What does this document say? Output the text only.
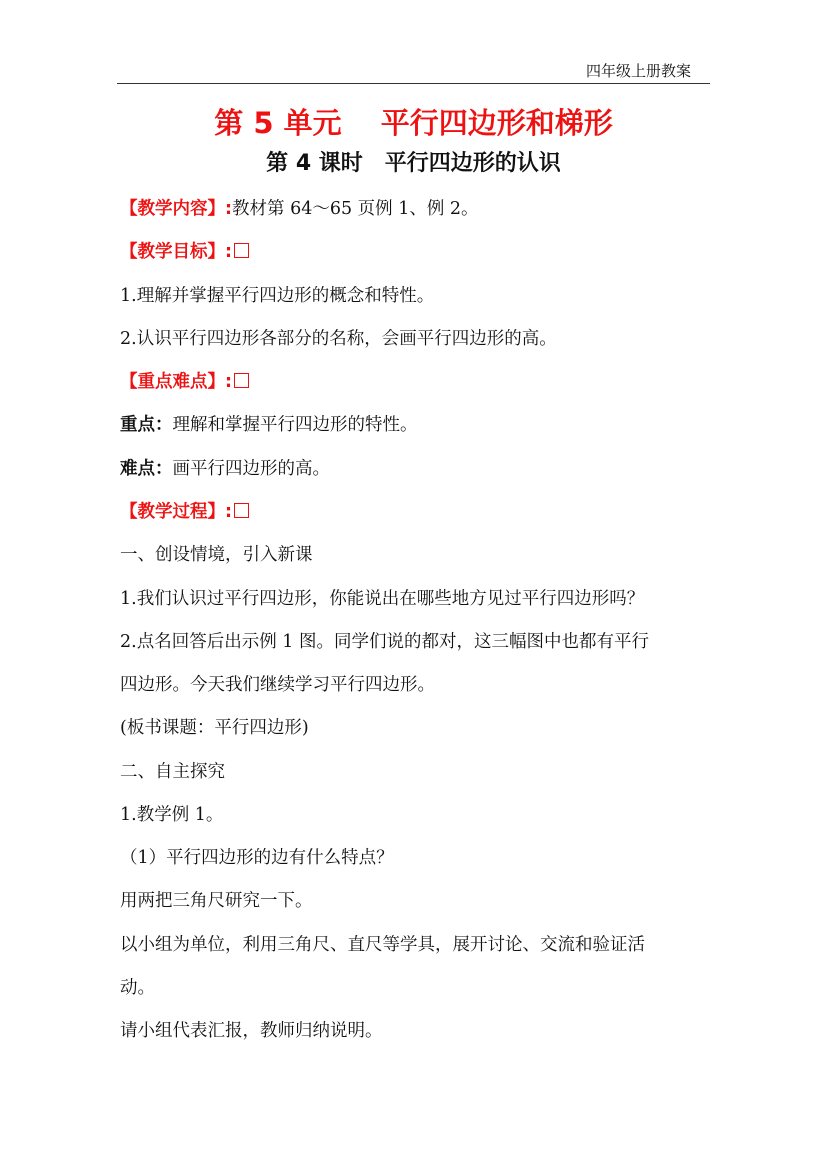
四年级上册教案
第 5 单元　 平行四边形和梯形
第 4 课时　平行四边形的认识
【教学内容】:教材第 64～65 页例 1、例 2。
【教学目标】:
1.理解并掌握平行四边形的概念和特性。
2.认识平行四边形各部分的名称，会画平行四边形的高。
【重点难点】:
重点：理解和掌握平行四边形的特性。
难点：画平行四边形的高。
【教学过程】:
一、创设情境，引入新课
1.我们认识过平行四边形，你能说出在哪些地方见过平行四边形吗？
2.点名回答后出示例 1 图。同学们说的都对，这三幅图中也都有平行
四边形。今天我们继续学习平行四边形。
(板书课题：平行四边形)
二、自主探究
1.教学例 1。
（1）平行四边形的边有什么特点？
用两把三角尺研究一下。
以小组为单位，利用三角尺、直尺等学具，展开讨论、交流和验证活
动。
请小组代表汇报，教师归纳说明。
